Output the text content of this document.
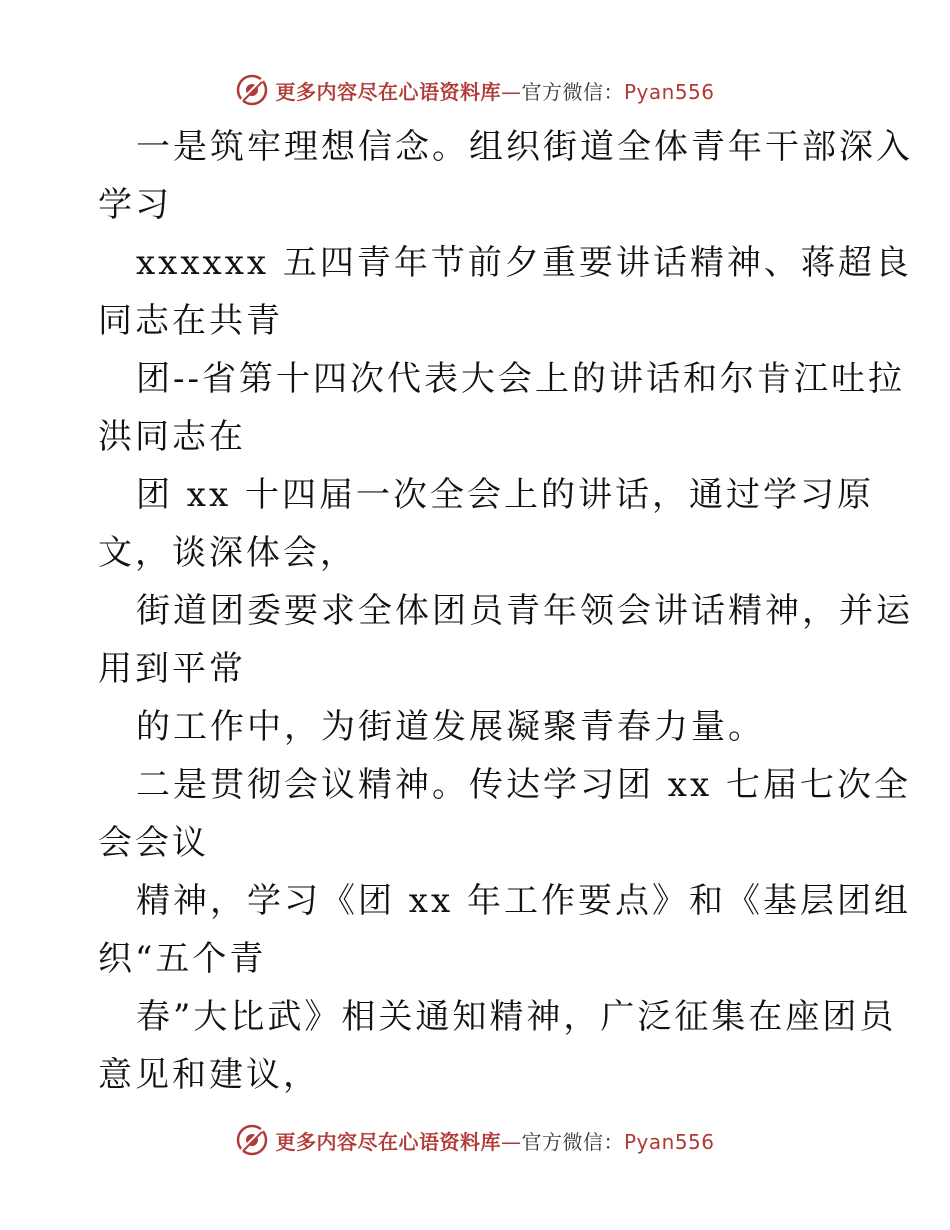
更多内容尽在心语资料库—官方微信：Pyan556
一是筑牢理想信念。组织街道全体青年干部深入
学习
xxxxxx 五四青年节前夕重要讲话精神、蒋超良
同志在共青
团--省第十四次代表大会上的讲话和尔肯江吐拉
洪同志在
团 xx 十四届一次全会上的讲话，通过学习原
文，谈深体会，
街道团委要求全体团员青年领会讲话精神，并运
用到平常
的工作中，为街道发展凝聚青春力量。
二是贯彻会议精神。传达学习团 xx 七届七次全
会会议
精神，学习《团 xx 年工作要点》和《基层团组
织“五个青
春”大比武》相关通知精神，广泛征集在座团员
意见和建议，
更多内容尽在心语资料库—官方微信：Pyan556
